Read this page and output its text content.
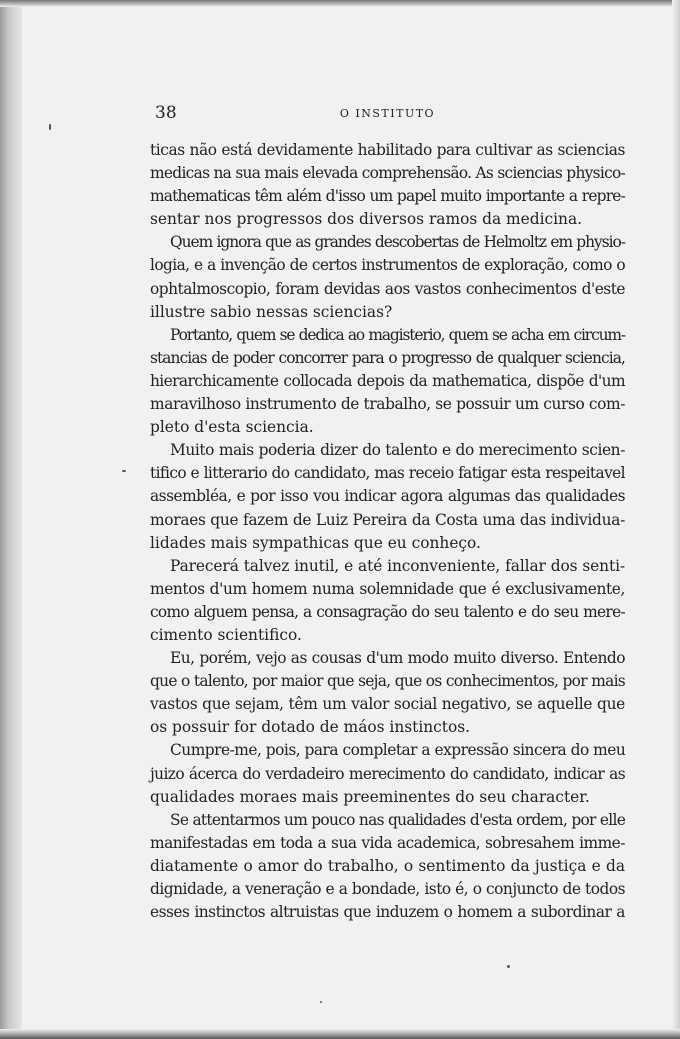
38	O INSTITUTO
ticas não está devidamente habilitado para cultivar as sciencias
medicas na sua mais elevada comprehensão. As sciencias physico-
mathematicas têm além d'isso um papel muito importante a repre-
sentar nos progressos dos diversos ramos da medicina.
Quem ignora que as grandes descobertas de Helmoltz em physio-
logia, e a invenção de certos instrumentos de exploração, como o
ophtalmoscopio, foram devidas aos vastos conhecimentos d'este
illustre sabio nessas sciencias?
Portanto, quem se dedica ao magisterio, quem se acha em circum-
stancias de poder concorrer para o progresso de qualquer sciencia,
hierarchicamente collocada depois da mathematica, dispõe d'um
maravilhoso instrumento de trabalho, se possuir um curso com-
pleto d'esta sciencia.
Muito mais poderia dizer do talento e do merecimento scien-
tifico e litterario do candidato, mas receio fatigar esta respeitavel
assembléa, e por isso vou indicar agora algumas das qualidades
moraes que fazem de Luiz Pereira da Costa uma das individua-
lidades mais sympathicas que eu conheço.
Parecerá talvez inutil, e até inconveniente, fallar dos senti-
mentos d'um homem numa solemnidade que é exclusivamente,
como alguem pensa, a consagração do seu talento e do seu mere-
cimento scientifico.
Eu, porém, vejo as cousas d'um modo muito diverso. Entendo
que o talento, por maior que seja, que os conhecimentos, por mais
vastos que sejam, têm um valor social negativo, se aquelle que
os possuir for dotado de máos instinctos.
Cumpre-me, pois, para completar a expressão sincera do meu
juizo ácerca do verdadeiro merecimento do candidato, indicar as
qualidades moraes mais preeminentes do seu character.
Se attentarmos um pouco nas qualidades d'esta ordem, por elle
manifestadas em toda a sua vida academica, sobresahem imme-
diatamente o amor do trabalho, o sentimento da justiça e da
dignidade, a veneração e a bondade, isto é, o conjuncto de todos
esses instinctos altruistas que induzem o homem a subordinar a
